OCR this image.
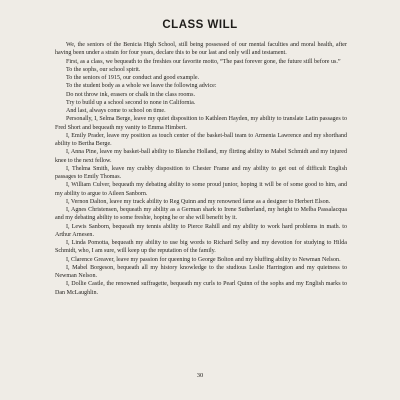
CLASS WILL

We, the seniors of the Benicia High School, still being possessed of our mental faculties and moral health, after having been under a strain for four years, declare this to be our last and only will and testament.

First, as a class, we bequeath to the freshies our favorite motto, “The past forever gone, the future still before us.”

To the sophs, our school spirit.

To the seniors of 1915, our conduct and good example.

To the student body as a whole we leave the following advice:

Do not throw ink, erasers or chalk in the class rooms.

Try to build up a school second to none in California.

And last, always come to school on time.

Personally, I, Selma Berge, leave my quiet disposition to Kathleen Hayden, my ability to translate Latin passages to Fred Short and bequeath my vanity to Emma Himbert.

I, Emily Prader, leave my position as touch center of the basket-ball team to Armenia Lawrence and my shorthand ability to Bertha Berge.

I, Anna Pine, leave my basket-ball ability to Blanche Holland, my flirting ability to Mabel Schmidt and my injured knee to the next fellow.

I, Thelma Smith, leave my crabby disposition to Chester Frame and my ability to get out of difficult English passages to Emily Thomas.

I, William Culver, bequeath my debating ability to some proud junior, hoping it will be of some good to him, and my ability to argue to Aileen Sanborn.

I, Vernon Dalton, leave my track ability to Reg Quinn and my renowned fame as a designer to Herbert Elson.

I, Agnes Christensen, bequeath my ability as a German shark to Irene Sutherland, my height to Melba Passalacqua and my debating ability to some freshie, hoping he or she will benefit by it.

I, Lewis Sanborn, bequeath my tennis ability to Pierce Rahill and my ability to work hard problems in math. to Arthur Arnesen.

I, Linda Pomotta, bequeath my ability to use big words to Richard Selby and my devotion for studying to Hilda Schmidt, who, I am sure, will keep up the reputation of the family.

I, Clarence Greaver, leave my passion for queening to George Bolton and my bluffing ability to Newman Nelson.

I, Mabel Borgeson, bequeath all my history knowledge to the studious Leslie Harrington and my quietness to Newman Nelson.

I, Dollie Castle, the renowned suffragette, bequeath my curls to Pearl Quinn of the sophs and my English marks to Dan McLaughlin.

30
